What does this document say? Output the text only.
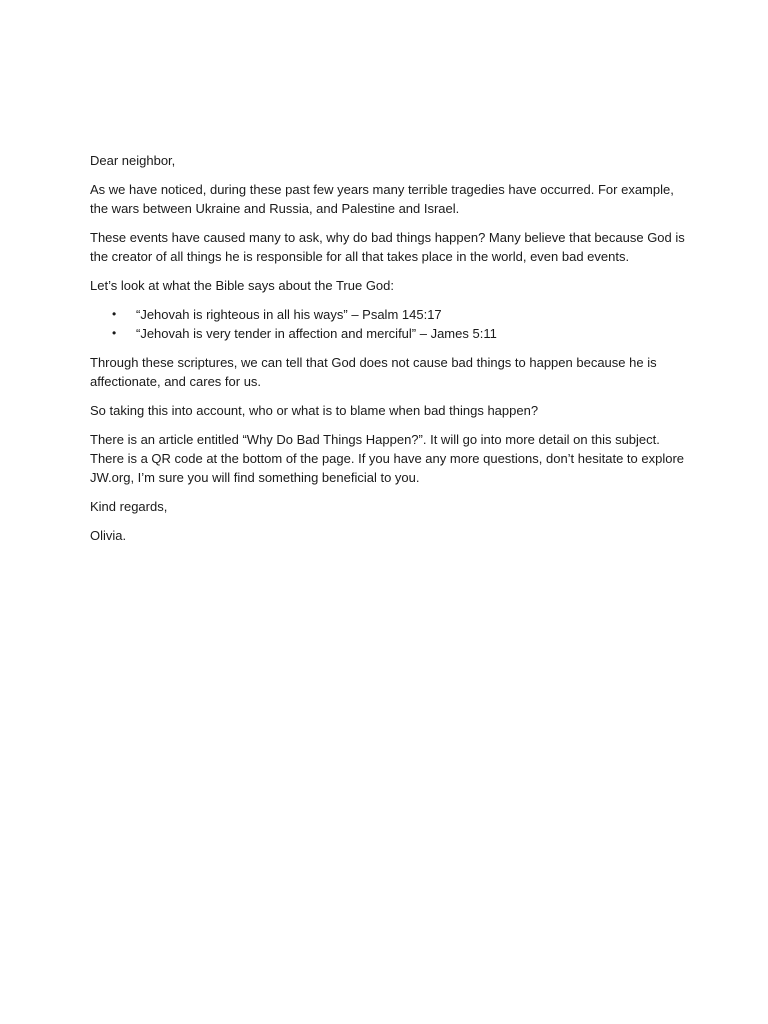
Dear neighbor,

As we have noticed, during these past few years many terrible tragedies have occurred. For example, the wars between Ukraine and Russia, and Palestine and Israel.

These events have caused many to ask, why do bad things happen? Many believe that because God is the creator of all things he is responsible for all that takes place in the world, even bad events.

Let’s look at what the Bible says about the True God:

• “Jehovah is righteous in all his ways” – Psalm 145:17
• “Jehovah is very tender in affection and merciful” – James 5:11

Through these scriptures, we can tell that God does not cause bad things to happen because he is affectionate, and cares for us.

So taking this into account, who or what is to blame when bad things happen?

There is an article entitled “Why Do Bad Things Happen?”. It will go into more detail on this subject. There is a QR code at the bottom of the page. If you have any more questions, don’t hesitate to explore JW.org, I’m sure you will find something beneficial to you.

Kind regards,

Olivia.
